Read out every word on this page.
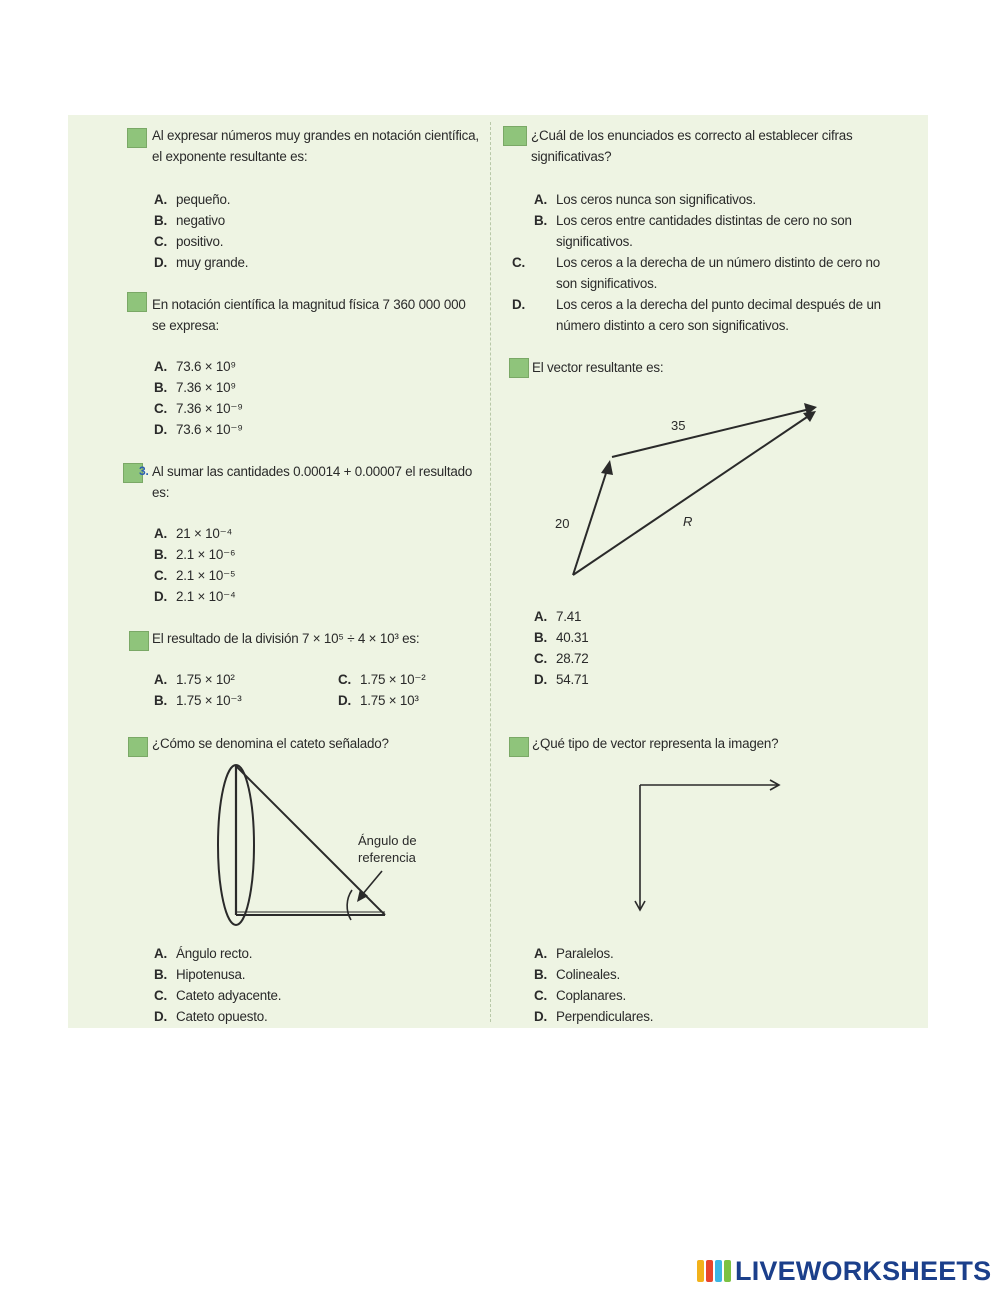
Al expresar números muy grandes en notación científica, el exponente resultante es:
A. pequeño.
B. negativo
C. positivo.
D. muy grande.
En notación científica la magnitud física 7 360 000 000 se expresa:
A. 73.6 × 10⁹
B. 7.36 × 10⁹
C. 7.36 × 10⁻⁹
D. 73.6 × 10⁻⁹
3. Al sumar las cantidades 0.00014 + 0.00007 el resultado es:
A. 21 × 10⁻⁴
B. 2.1 × 10⁻⁶
C. 2.1 × 10⁻⁵
D. 2.1 × 10⁻⁴
El resultado de la división 7 × 10⁵ ÷ 4 × 10³ es:
A. 1.75 × 10²
B. 1.75 × 10⁻³
C. 1.75 × 10⁻²
D. 1.75 × 10³
¿Cómo se denomina el cateto señalado?
Ángulo de
referencia
A. Ángulo recto.
B. Hipotenusa.
C. Cateto adyacente.
D. Cateto opuesto.
¿Cuál de los enunciados es correcto al establecer cifras significativas?
A. Los ceros nunca son significativos.
B. Los ceros entre cantidades distintas de cero no son significativos.
C. Los ceros a la derecha de un número distinto de cero no son significativos.
D. Los ceros a la derecha del punto decimal después de un número distinto a cero son significativos.
El vector resultante es:
35
20	R
A. 7.41
B. 40.31
C. 28.72
D. 54.71
¿Qué tipo de vector representa la imagen?
A. Paralelos.
B. Colineales.
C. Coplanares.
D. Perpendiculares.
LIVEWORKSHEETS
